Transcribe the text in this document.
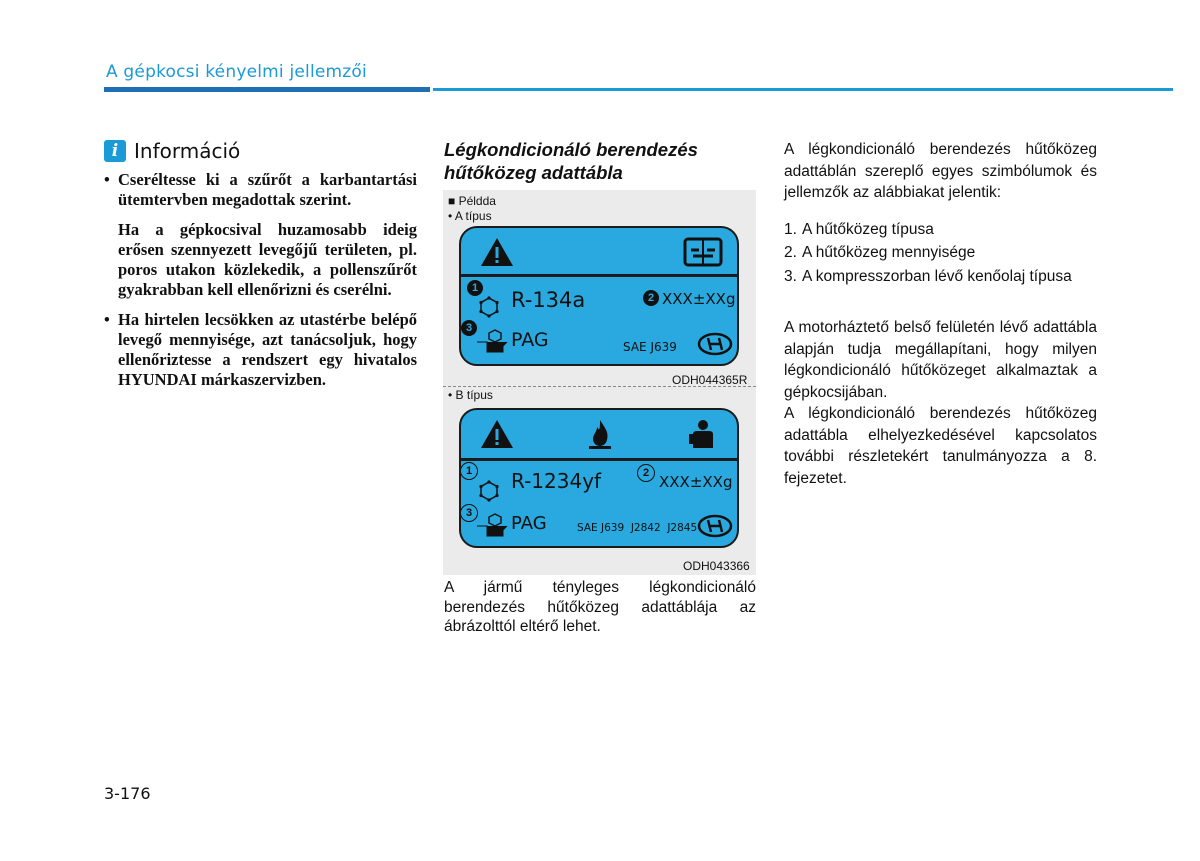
A gépkocsi kényelmi jellemzői
i Információ
• Cseréltesse ki a szűrőt a karbantartási ütemtervben megadottak szerint.
Ha a gépkocsival huzamosabb ideig erősen szennyezett levegőjű területen, pl. poros utakon közlekedik, a pollenszűrőt gyakrabban kell ellenőrizni és cserélni.
• Ha hirtelen lecsökken az utastérbe belépő levegő mennyisége, azt tanácsoljuk, hogy ellenőriztesse a rendszert egy hivatalos HYUNDAI márkaszervizben.
Légkondicionáló berendezés hűtőközeg adattábla
■ Példda
• A típus
1 R-134a	2 XXX±XXg
3
PAG	SAE J639
ODH044365R
• B típus
1 R-1234yf	2 XXX±XXg
3	PAG	SAE J639  J2842  J2845
ODH043366
A jármű tényleges légkondicionáló berendezés hűtőközeg adattáblája az ábrázolttól eltérő lehet.

A légkondicionáló berendezés hűtőközeg adattáblán szereplő egyes szimbólumok és jellemzők az alábbiakat jelentik:

1. A hűtőközeg típusa
2. A hűtőközeg mennyisége
3. A kompresszorban lévő kenőolaj típusa

A motorháztető belső felületén lévő adattábla alapján tudja megállapítani, hogy milyen légkondicionáló hűtőközeget alkalmaztak a gépkocsijában.

A légkondicionáló berendezés hűtőközeg adattábla elhelyezkedésével kapcsolatos további részletekért tanulmányozza a 8. fejezetet.

3-176
